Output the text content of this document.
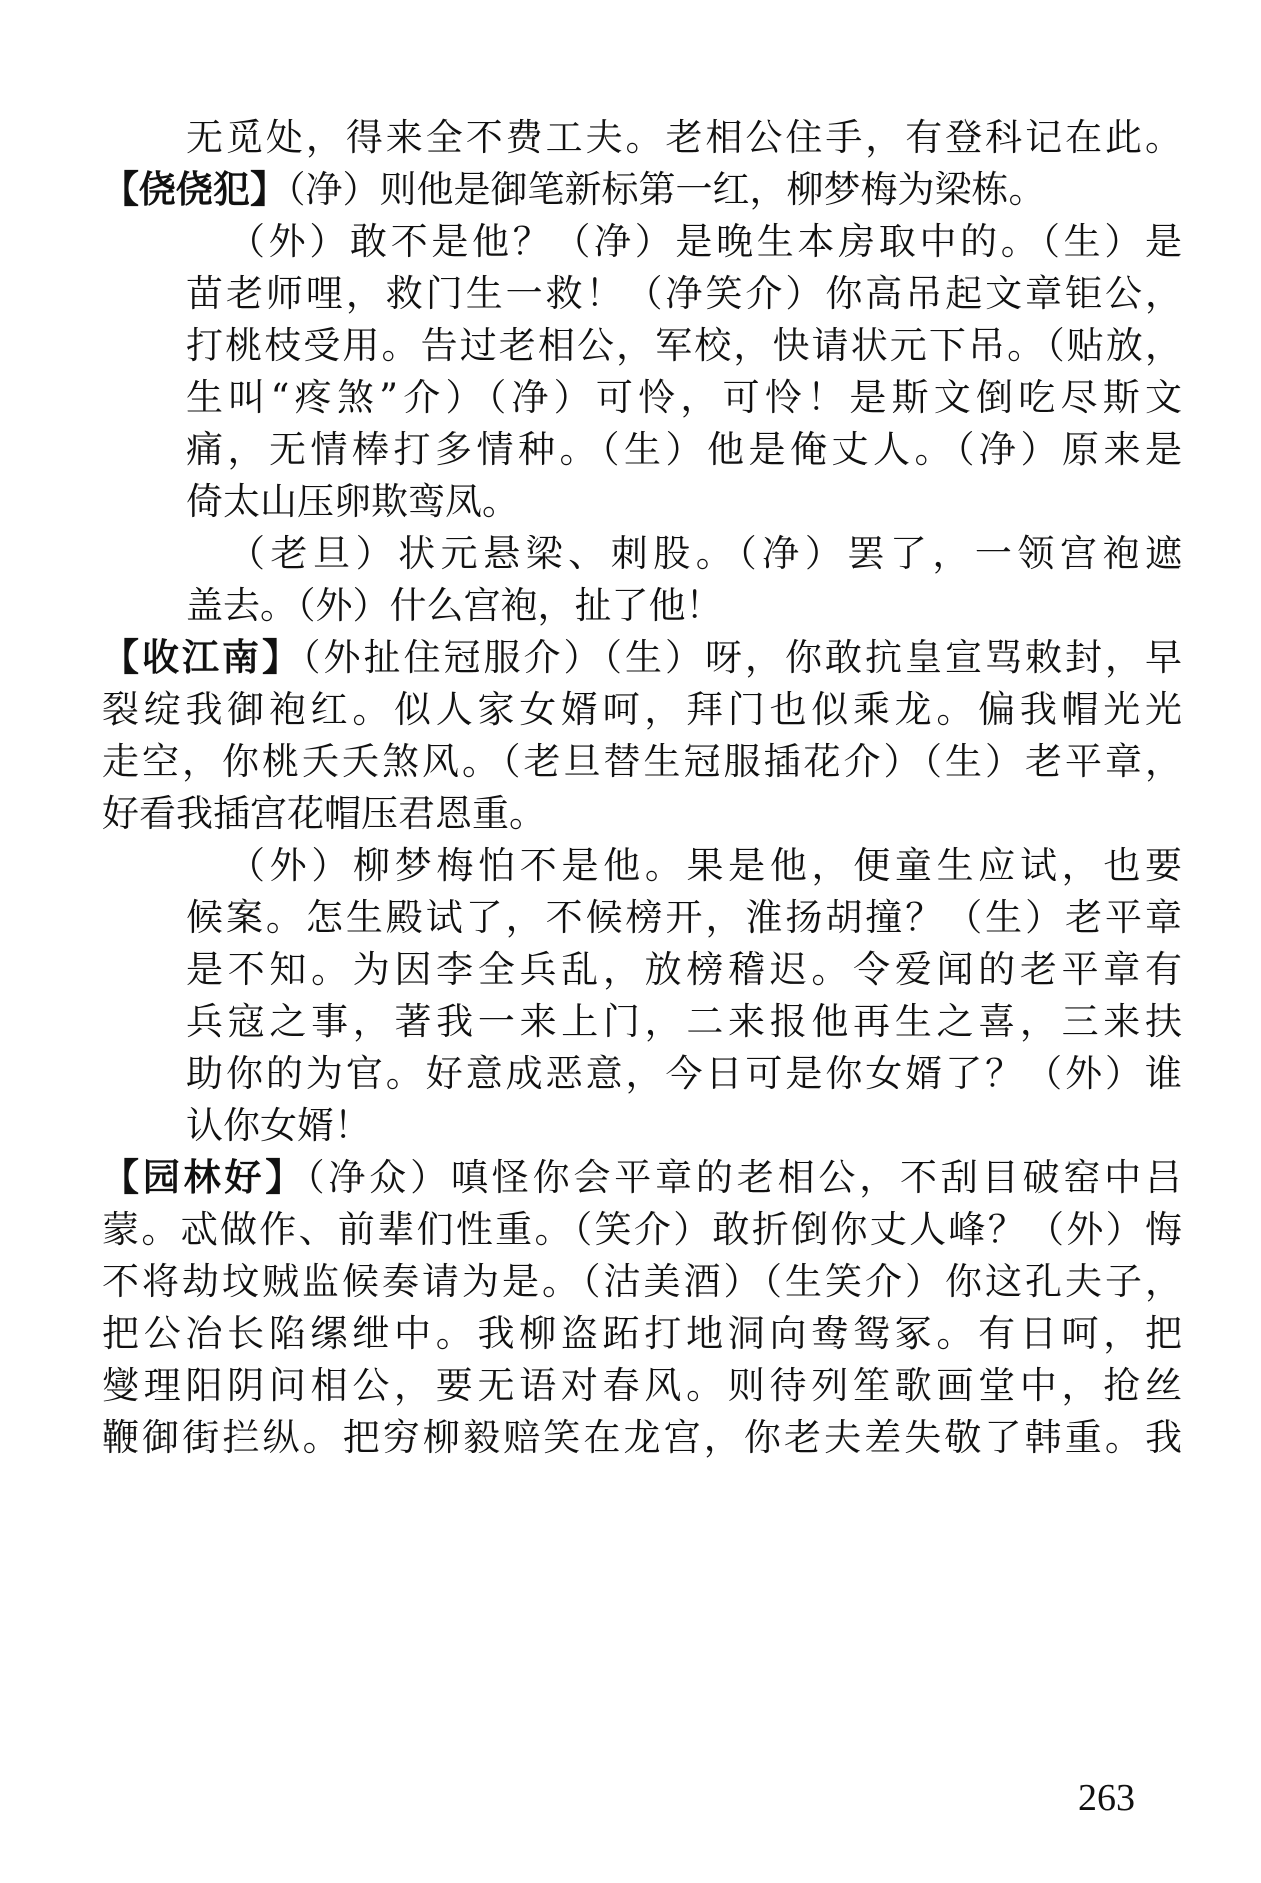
无觅处，得来全不费工夫。老相公住手，有登科记在此。
【侥侥犯】（净）则他是御笔新标第一红，柳梦梅为梁栋。
（外）敢不是他？（净）是晚生本房取中的。（生）是
苗老师哩，救门生一救！（净笑介）你高吊起文章钜公，
打桃枝受用。告过老相公，军校，快请状元下吊。（贴放，
生叫“疼煞”介）（净）可怜，可怜！是斯文倒吃尽斯文
痛，无情棒打多情种。（生）他是俺丈人。（净）原来是
倚太山压卵欺鸾凤。
（老旦）状元悬梁、刺股。（净）罢了，一领宫袍遮
盖去。（外）什么宫袍，扯了他！
【收江南】（外扯住冠服介）（生）呀，你敢抗皇宣骂敕封，早
裂绽我御袍红。似人家女婿呵，拜门也似乘龙。偏我帽光光
走空，你桃夭夭煞风。（老旦替生冠服插花介）（生）老平章，
好看我插宫花帽压君恩重。
（外）柳梦梅怕不是他。果是他，便童生应试，也要
候案。怎生殿试了，不候榜开，淮扬胡撞？（生）老平章
是不知。为因李全兵乱，放榜稽迟。令爱闻的老平章有
兵寇之事，著我一来上门，二来报他再生之喜，三来扶
助你的为官。好意成恶意，今日可是你女婿了？（外）谁
认你女婿！
【园林好】（净众）嗔怪你会平章的老相公，不刮目破窑中吕
蒙。忒做作、前辈们性重。（笑介）敢折倒你丈人峰？（外）悔
不将劫坟贼监候奏请为是。（沽美酒）（生笑介）你这孔夫子，
把公冶长陷缧绁中。我柳盗跖打地洞向鸯鸳冢。有日呵，把
燮理阳阴问相公，要无语对春风。则待列笙歌画堂中，抢丝
鞭御街拦纵。把穷柳毅赔笑在龙宫，你老夫差失敬了韩重。我
263
